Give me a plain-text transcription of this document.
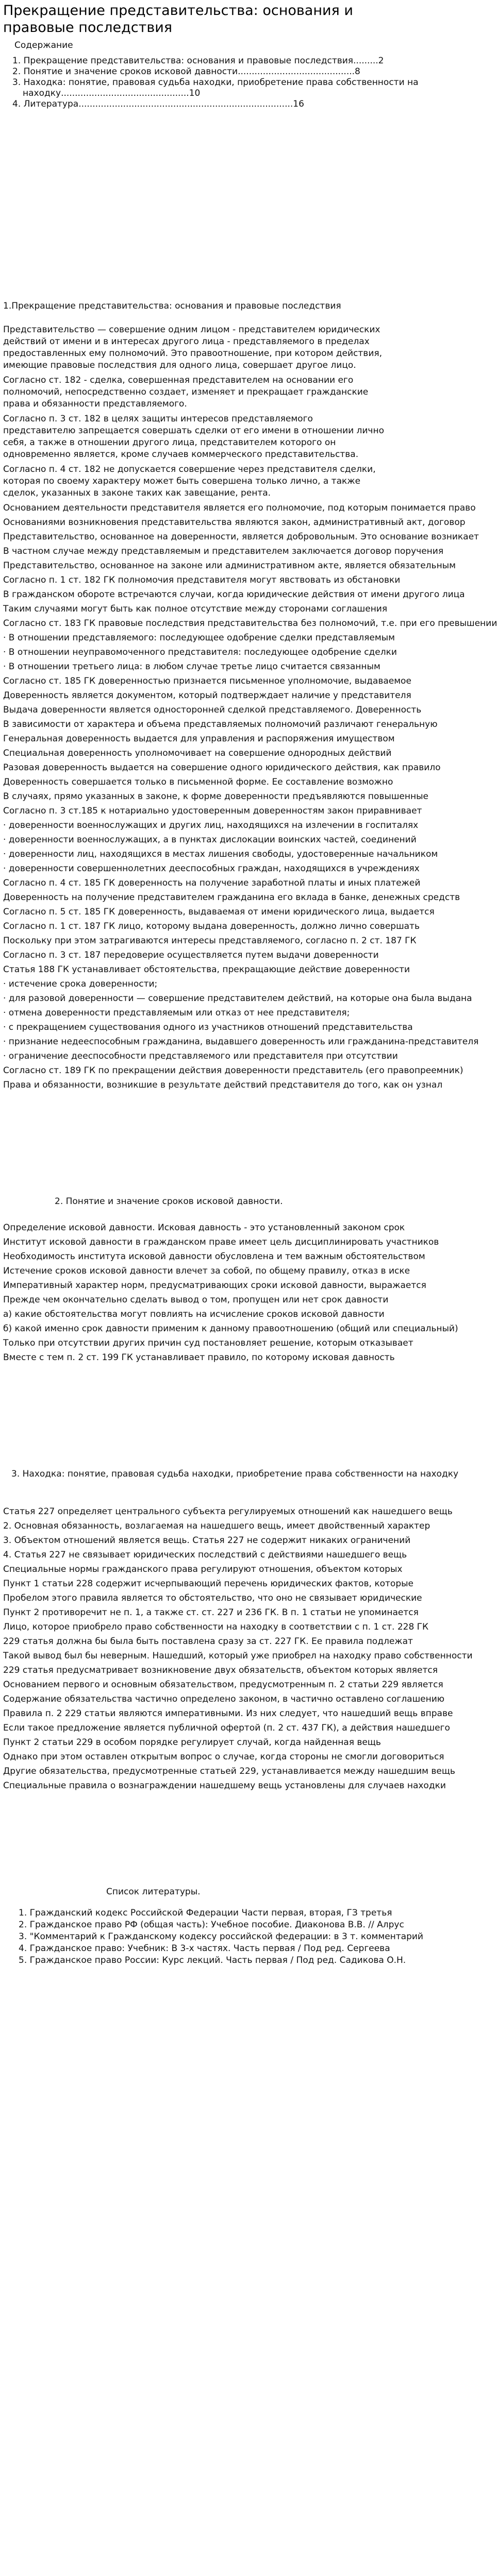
Прекращение представительства: основания и правовые последствия
Содержание
1. Прекращение представительства: основания и правовые последствия.........2
2. Понятие и значение сроков исковой давности..........................................8
3. Находка: понятие, правовая судьба находки, приобретение права собственности на находку..............................................10
4. Литература.............................................................................16
1.Прекращение представительства: основания и правовые последствия
Представительство — совершение одним лицом - представителем юридических
действий от имени и в интересах другого лица - представляемого в пределах
предоставленных ему полномочий. Это правоотношение, при котором действия,
имеющие правовые последствия для одного лица, совершает другое лицо.
Согласно ст. 182 - сделка, совершенная представителем на основании его
полномочий, непосредственно создает, изменяет и прекращает гражданские
права и обязанности представляемого.
Согласно п. 3 ст. 182 в целях защиты интересов представляемого
представителю запрещается совершать сделки от его имени в отношении лично
себя, а также в отношении другого лица, представителем которого он
одновременно является, кроме случаев коммерческого представительства.
Согласно п. 4 ст. 182 не допускается совершение через представителя сделки,
которая по своему характеру может быть совершена только лично, а также
сделок, указанных в законе таких как завещание, рента.
Основанием деятельности представителя является его полномочие, под которым понимается право
Основаниями возникновения представительства являются закон, административный акт, договор
Представительство, основанное на доверенности, является добровольным. Это основание возникает
В частном случае между представляемым и представителем заключается договор поручения
Представительство, основанное на законе или административном акте, является обязательным
Согласно п. 1 ст. 182 ГК полномочия представителя могут явствовать из обстановки
В гражданском обороте встречаются случаи, когда юридические действия от имени другого лица
Таким случаями могут быть как полное отсутствие между сторонами соглашения
Согласно ст. 183 ГК правовые последствия представительства без полномочий, т.е. при его превышении
· В отношении представляемого: последующее одобрение сделки представляемым
· В отношении неуправомоченного представителя: последующее одобрение сделки
· В отношении третьего лица: в любом случае третье лицо считается связанным
Согласно ст. 185 ГК доверенностью признается письменное уполномочие, выдаваемое
Доверенность является документом, который подтверждает наличие у представителя
Выдача доверенности является односторонней сделкой представляемого. Доверенность
В зависимости от характера и объема представляемых полномочий различают генеральную
Генеральная доверенность выдается для управления и распоряжения имуществом
Специальная доверенность уполномочивает на совершение однородных действий
Разовая доверенность выдается на совершение одного юридического действия, как правило
Доверенность совершается только в письменной форме. Ее составление возможно
В случаях, прямо указанных в законе, к форме доверенности предъявляются повышенные
Согласно п. 3 ст.185 к нотариально удостоверенным доверенностям закон приравнивает
· доверенности военнослужащих и других лиц, находящихся на излечении в госпиталях
· доверенности военнослужащих, а в пунктах дислокации воинских частей, соединений
· доверенности лиц, находящихся в местах лишения свободы, удостоверенные начальником
· доверенности совершеннолетних дееспособных граждан, находящихся в учреждениях
Согласно п. 4 ст. 185 ГК доверенность на получение заработной платы и иных платежей
Доверенность на получение представителем гражданина его вклада в банке, денежных средств
Согласно п. 5 ст. 185 ГК доверенность, выдаваемая от имени юридического лица, выдается
Согласно п. 1 ст. 187 ГК лицо, которому выдана доверенность, должно лично совершать
Поскольку при этом затрагиваются интересы представляемого, согласно п. 2 ст. 187 ГК
Согласно п. 3 ст. 187 передоверие осуществляется путем выдачи доверенности
Статья 188 ГК устанавливает обстоятельства, прекращающие действие доверенности
· истечение срока доверенности;
· для разовой доверенности — совершение представителем действий, на которые она была выдана
· отмена доверенности представляемым или отказ от нее представителя;
· с прекращением существования одного из участников отношений представительства
· признание недееспособным гражданина, выдавшего доверенность или гражданина-представителя
· ограничение дееспособности представляемого или представителя при отсутствии
Согласно ст. 189 ГК по прекращении действия доверенности представитель (его правопреемник)
Права и обязанности, возникшие в результате действий представителя до того, как он узнал
2. Понятие и значение сроков исковой давности.
Определение исковой давности. Исковая давность - это установленный законом срок
Институт исковой давности в гражданском праве имеет цель дисциплинировать участников
Необходимость института исковой давности обусловлена и тем важным обстоятельством
Истечение сроков исковой давности влечет за собой, по общему правилу, отказ в иске
Императивный характер норм, предусматривающих сроки исковой давности, выражается
Прежде чем окончательно сделать вывод о том, пропущен или нет срок давности
а) какие обстоятельства могут повлиять на исчисление сроков исковой давности
б) какой именно срок давности применим к данному правоотношению (общий или специальный)
Только при отсутствии других причин суд постановляет решение, которым отказывает
Вместе с тем п. 2 ст. 199 ГК устанавливает правило, по которому исковая давность
3. Находка: понятие, правовая судьба находки, приобретение права собственности на находку
Статья 227 определяет центрального субъекта регулируемых отношений как нашедшего вещь
2. Основная обязанность, возлагаемая на нашедшего вещь, имеет двойственный характер
3. Объектом отношений является вещь. Статья 227 не содержит никаких ограничений
4. Статья 227 не связывает юридических последствий с действиями нашедшего вещь
Специальные нормы гражданского права регулируют отношения, объектом которых
Пункт 1 статьи 228 содержит исчерпывающий перечень юридических фактов, которые
Пробелом этого правила является то обстоятельство, что оно не связывает юридические
Пункт 2 противоречит не п. 1, а также ст. ст. 227 и 236 ГК. В п. 1 статьи не упоминается
Лицо, которое приобрело право собственности на находку в соответствии с п. 1 ст. 228 ГК
229 статья должна бы была быть поставлена сразу за ст. 227 ГК. Ее правила подлежат
Такой вывод был бы неверным. Нашедший, который уже приобрел на находку право собственности
229 статья предусматривает возникновение двух обязательств, объектом которых является
Основанием первого и основным обязательством, предусмотренным п. 2 статьи 229 является
Содержание обязательства частично определено законом, в частично оставлено соглашению
Правила п. 2 229 статьи являются императивными. Из них следует, что нашедший вещь вправе
Если такое предложение является публичной офертой (п. 2 ст. 437 ГК), а действия нашедшего
Пункт 2 статьи 229 в особом порядке регулирует случай, когда найденная вещь
Однако при этом оставлен открытым вопрос о случае, когда стороны не смогли договориться
Другие обязательства, предусмотренные статьей 229, устанавливается между нашедшим вещь
Специальные правила о вознаграждении нашедшему вещь установлены для случаев находки
Список литературы.
1. Гражданский кодекс Российской Федерации Части первая, вторая, ГЗ третья
2. Гражданское право РФ (общая часть): Учебное пособие. Диаконова В.В. // Алрус
3. "Комментарий к Гражданскому кодексу российской федерации: в 3 т. комментарий
4. Гражданское право: Учебник: В 3-х частях. Часть первая / Под ред. Сергеева
5. Гражданское право России: Курс лекций. Часть первая / Под ред. Садикова О.Н.
